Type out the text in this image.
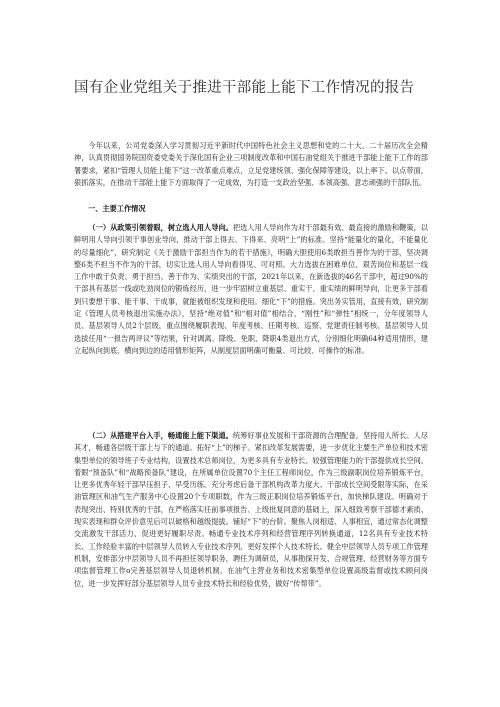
国有企业党组关于推进干部能上能下工作情况的报告

今年以来，公司党委深入学习贯彻习近平新时代中国特色社会主义思想和党的二十大、二十届历次全会精神，认真贯彻国务院国资委党委关于深化国有企业三项制度改革和中国石油党组关于推进干部能上能下工作的部署要求，紧扣“管理人员能上能下”这一改革重点难点，立足党建统领、强化保障等建设，以上率下、以点带面，狠抓落实，在推动干部能上能下方面取得了一定成效，为打造一支政治坚强、本领高强、意志顽强的干部队伍。

一、主要工作情况

（一）从政策引领着眼，树立选人用人导向。把选人用人导向作为对干部最有效、最直接的激励和鞭策，以鲜明用人导向引领干事创业导向，推动干部上得去、下得来、亮明“上”的标准。坚持“能量化的量化，不能量化的尽量细化”，研究制定《关于激励干部担当作为的若干措施》，明确大胆使用6类敢担当善作为的干部，坚决调整6类不担当不作为的干部，切实让选人用人导向看得见、可对照。大力选拔在困难单位、艰苦岗位和基层一线工作中敢于负责、勇于担当、善于作为、实绩突出的干部，2021年以来，在新选拔的46名干部中，超过90%的干部具有基层一线或吃劲岗位的锻炼经历，进一步牢固树立重基层、重实干、重实绩的鲜明导向，让更多干部看到只要想干事、能干事、干成事，就能被组织发现和使用。细化“下”的措施。突出务实管用，直接有效，研究制定《管理人员考核退出实施办法》，坚持“绝对值”和“相对值”相结合，“刚性”和“弹性”相统一，分年度领导人员、基层领导人员2个层级，重点围绕履职表现、年度考核、任期考核、巡察、党建责任制考核、基层领导人员选拔任用“一报告两评议”等结果，针对调离、降级、免职、降职4类退出方式，分别细化明确64种适用情形，建立起纵向到底、横向到边的适用情形矩阵，从制度层面明确可衡量、可比较、可操作的标准。

（二）从搭建平台入手，畅通能上能下渠道。统筹好事业发展和干部资源的合理配备，坚持用人所长、人尽其才，畅通各层级干部上与下的通道。拓好“上”的梯子。紧扣改革发展需要，进一步优化主要生产单位和技术密集型单位的领导班子专业结构，设置技术总师岗位，为更多具有专业特长、较强管理能力的干部提供成长空间。着眼“预备队”和“战略预备队”建设，在所属单位设置70个主任工程师岗位，作为三级副职岗位培养锻炼平台，让更多优秀年轻干部早压担子、早受历练。充分考虑后备干部机构改革力度大、干部成长空间受限等实际，在采油管理区和油气生产服务中心设置20个专项职数，作为三级正职岗位培养锻炼平台，加快梯队建设。明确对于表现突出、特别优秀的干部，在严格落实任前事项报告、上级批复同意的基础上，深入细致考察干部德才素质、现实表现和群众评价意见后可以破格和越级提拔。铺好“下”的台阶。聚焦人岗相适、人事相宜，通过常态化调整交流激发干部活力，促进更好履职尽责。畅通专业技术序列和经营管理序列转换通道，12名具有专业技术特长、工作经验丰富的中层领导人员转入专业技术序列，更好发挥个人技术特长。健全中层领导人员专项工作管理机制，安排部分中层领导人员不再担任领导职务，聘任为调研员，从事勘探开发、合规管理、经营财务等方面专项监督管理工作o完善基层领导人员退转机制，在油气主营业务和技术密集型单位设置高级监督或技术顾问岗位，进一步发挥好部分基层领导人员专业技术特长和经验优势，做好“传帮带”。
